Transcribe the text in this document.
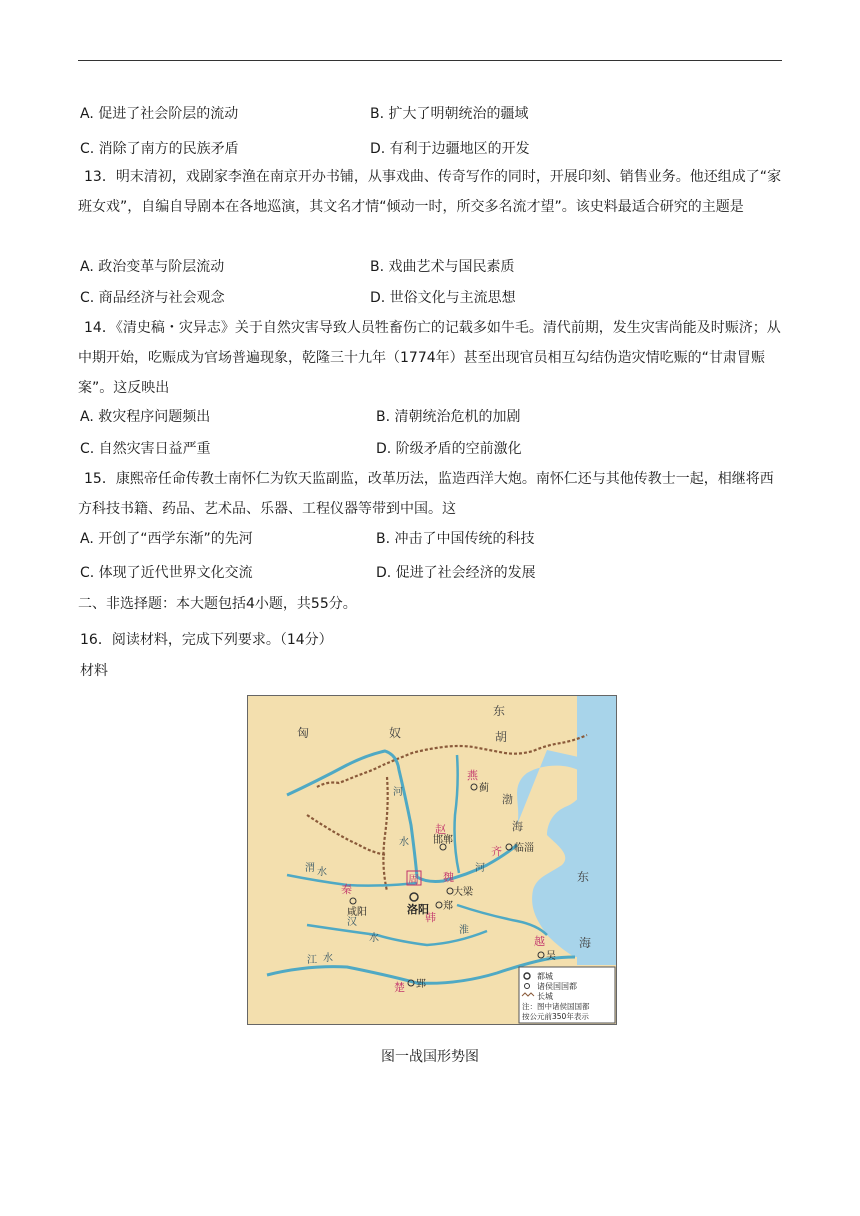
A. 促进了社会阶层的流动	B. 扩大了明朝统治的疆域
C. 消除了南方的民族矛盾	D. 有利于边疆地区的开发
13．明末清初，戏剧家李渔在南京开办书铺，从事戏曲、传奇写作的同时，开展印刻、销售业务。他还组成了“家班女戏”，自编自导剧本在各地巡演，其文名才情“倾动一时，所交多名流才望”。该史料最适合研究的主题是
A. 政治变革与阶层流动	B. 戏曲艺术与国民素质
C. 商品经济与社会观念	D. 世俗文化与主流思想
14．《清史稿・灾异志》关于自然灾害导致人员牲畜伤亡的记载多如牛毛。清代前期，发生灾害尚能及时赈济；从中期开始，吃赈成为官场普遍现象，乾隆三十九年（1774年）甚至出现官员相互勾结伪造灾情吃赈的“甘肃冒赈案”。这反映出
A. 救灾程序问题频出	B. 清朝统治危机的加剧
C. 自然灾害日益严重	D. 阶级矛盾的空前激化
15．康熙帝任命传教士南怀仁为钦天监副监，改革历法，监造西洋大炮。南怀仁还与其他传教士一起，相继将西方科技书籍、药品、艺术品、乐器、工程仪器等带到中国。这
A. 开创了“西学东渐”的先河	B. 冲击了中国传统的科技
C. 体现了近代世界文化交流	D. 促进了社会经济的发展
二、非选择题：本大题包括4小题，共55分。
16．阅读材料，完成下列要求。（14分）
材料
匈	奴
东
胡
渤
海
东
海
燕
赵
齐
秦
周 魏
韩
楚
越
蓟
邯郸
临淄
大梁
郑
咸阳	洛阳
郢
吴
河
水
渭 水
汉
水
江 水
淮
河
都城
诸侯国国都
长城
注：图中诸侯国国都
按公元前350年表示
图一战国形势图
